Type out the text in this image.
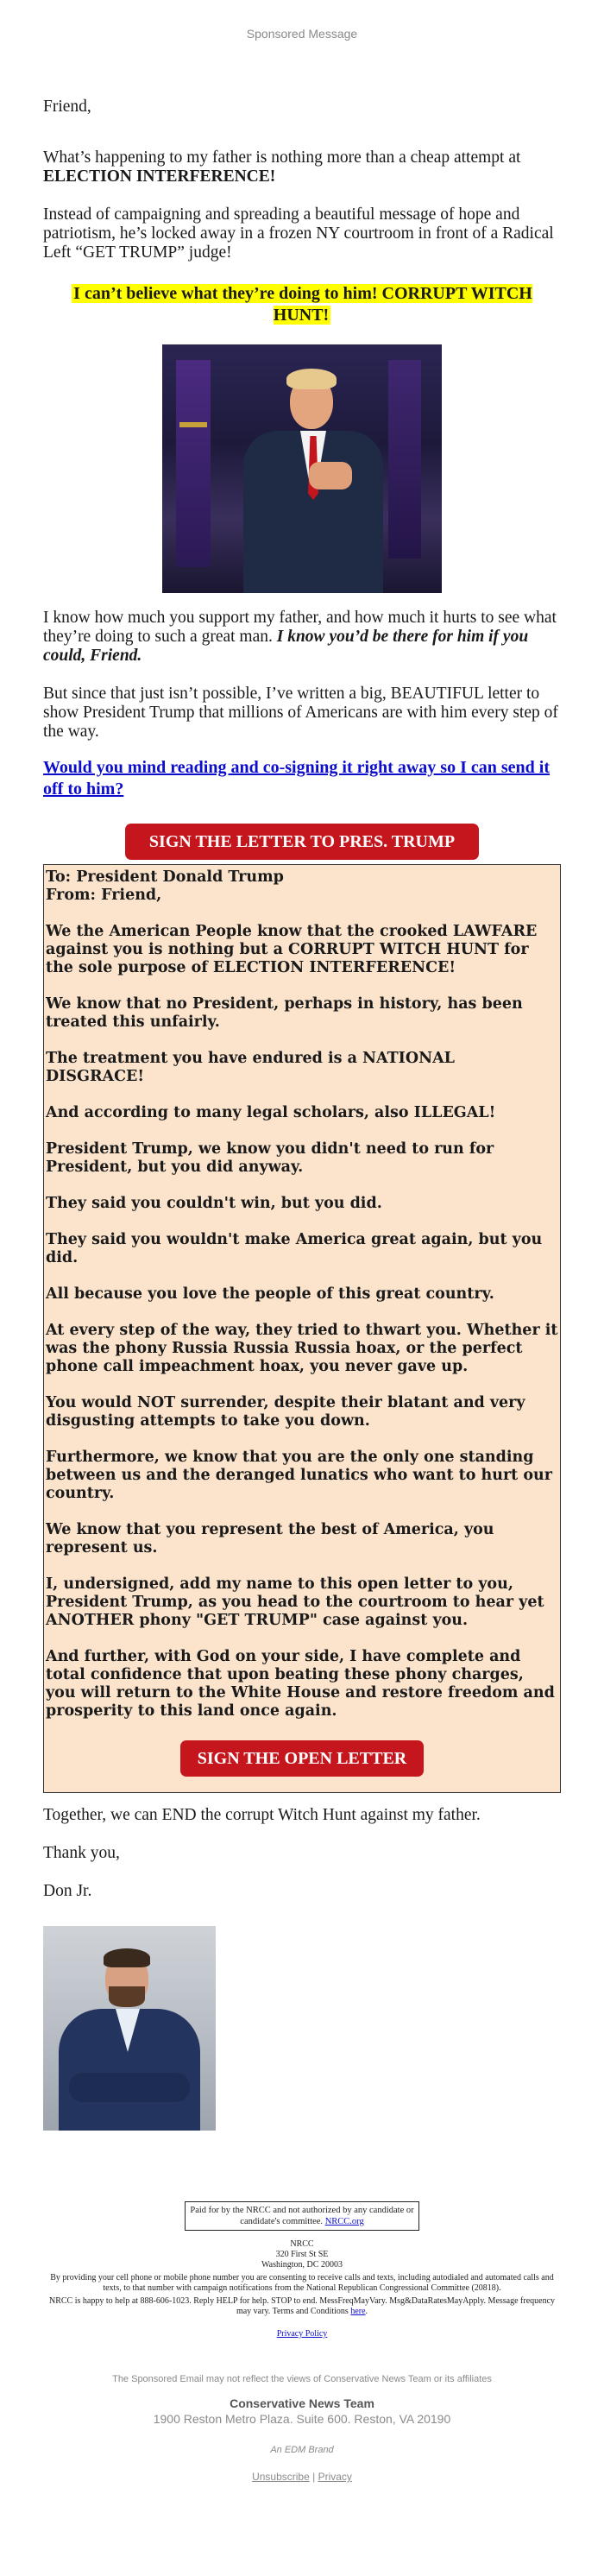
Sponsored Message

Friend,

What’s happening to my father is nothing more than a cheap attempt at ELECTION INTERFERENCE!

Instead of campaigning and spreading a beautiful message of hope and patriotism, he’s locked away in a frozen NY courtroom in front of a Radical Left “GET TRUMP” judge!

I can’t believe what they’re doing to him! CORRUPT WITCH HUNT!

I know how much you support my father, and how much it hurts to see what they’re doing to such a great man. I know you’d be there for him if you could, Friend.

But since that just isn’t possible, I’ve written a big, BEAUTIFUL letter to show President Trump that millions of Americans are with him every step of the way.

Would you mind reading and co-signing it right away so I can send it off to him?
SIGN THE LETTER TO PRES. TRUMP

To: President Donald Trump

From: Friend,

We the American People know that the crooked LAWFARE against you is nothing but a CORRUPT WITCH HUNT for the sole purpose of ELECTION INTERFERENCE!

We know that no President, perhaps in history, has been treated this unfairly.

The treatment you have endured is a NATIONAL DISGRACE!

And according to many legal scholars, also ILLEGAL!

President Trump, we know you didn't need to run for President, but you did anyway.

They said you couldn't win, but you did.

They said you wouldn't make America great again, but you did.

All because you love the people of this great country.

At every step of the way, they tried to thwart you. Whether it was the phony Russia Russia Russia hoax, or the perfect phone call impeachment hoax, you never gave up.

You would NOT surrender, despite their blatant and very disgusting attempts to take you down.

Furthermore, we know that you are the only one standing between us and the deranged lunatics who want to hurt our country.

We know that you represent the best of America, you represent us.

I, undersigned, add my name to this open letter to you, President Trump, as you head to the courtroom to hear yet ANOTHER phony "GET TRUMP" case against you.

And further, with God on your side, I have complete and total confidence that upon beating these phony charges, you will return to the White House and restore freedom and prosperity to this land once again.

SIGN THE OPEN LETTER

Together, we can END the corrupt Witch Hunt against my father.

Thank you,

Don Jr.

Paid for by the NRCC and not authorized by any candidate or candidate's committee. NRCC.org
NRCC
320 First St SE
Washington, DC 20003
By providing your cell phone or mobile phone number you are consenting to receive calls and texts, including autodialed and automated calls and texts, to that number with campaign notifications from the National Republican Congressional Committee (20818).
NRCC is happy to help at 888-606-1023. Reply HELP for help. STOP to end. MessFreqMayVary. Msg&DataRatesMayApply. Message frequency may vary. Terms and Conditions here.
Privacy Policy
The Sponsored Email may not reflect the views of Conservative News Team or its affiliates
Conservative News Team
1900 Reston Metro Plaza. Suite 600. Reston, VA 20190
An EDM Brand
Unsubscribe | Privacy
